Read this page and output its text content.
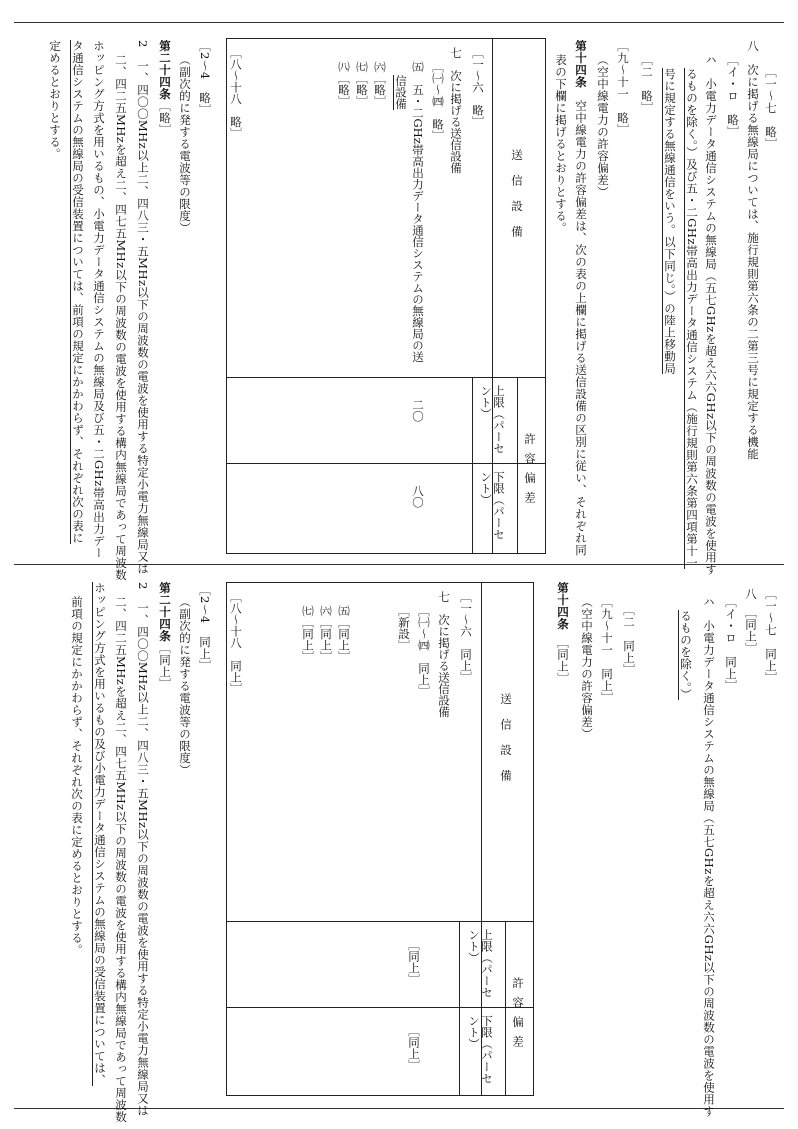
［一～七　略］
八　次に掲げる無線局については、施行規則第六条の二第三号に規定する機能
［イ・ロ　略］
ハ　小電力データ通信システムの無線局（五七GHzを超え六六GHz以下の周波数の電波を使用す
るものを除く。）及び五・二GHz帯高出力データ通信システム（施行規則第六条第四項第十一
号に規定する無線通信をいう。以下同じ。）の陸上移動局
［二　略］
［九～十一　略］
（空中線電力の許容偏差）
第十四条　空中線電力の許容偏差は、次の表の上欄に掲げる送信設備の区別に従い、それぞれ同
表の下欄に掲げるとおりとする。
送信設備
許容偏差
上限（パーセント）
下限（パーセント）
［一～六　略］
七　次に掲げる送信設備
［㈠～㈣　略］
㈤　五・二GHz帯高出力データ通信システムの無線局の送
信設備
㈥［略］
㈦［略］
㈧［略］
二〇
八〇
［八～十八　略］
［2～4　略］
（副次的に発する電波等の限度）
第二十四条［略］
2　一、四〇〇MHz以上二、四八三・五MHz以下の周波数の電波を使用する特定小電力無線局又は
二、四二五MHzを超え二、四七五MHz以下の周波数の電波を使用する構内無線局であって周波数
ホッピング方式を用いるもの、小電力データ通信システムの無線局及び五・二GHz帯高出力デー
タ通信システムの無線局の受信装置については、前項の規定にかかわらず、それぞれ次の表に
定めるとおりとする。
［一～七　同上］
八　［同上］
［イ・ロ　同上］
ハ　小電力データ通信システムの無線局（五七GHzを超え六六GHz以下の周波数の電波を使用す
るものを除く。）
［二　同上］
［九～十一　同上］
（空中線電力の許容偏差）
第十四条　［同上］
送信設備
許容偏差
上限（パーセント）
下限（パーセント）
［一～六　同上］
七　次に掲げる送信設備
［㈠～㈣　同上］
［新設］
㈤［同上］
㈥［同上］
㈦［同上］
［同上］
［同上］
［八～十八　同上］
［2～4　同上］
（副次的に発する電波等の限度）
第二十四条［同上］
2　一、四〇〇MHz以上二、四八三・五MHz以下の周波数の電波を使用する特定小電力無線局又は
二、四二五MHzを超え二、四七五MHz以下の周波数の電波を使用する構内無線局であって周波数
ホッピング方式を用いるもの及び小電力データ通信システムの無線局の受信装置については、
前項の規定にかかわらず、それぞれ次の表に定めるとおりとする。
